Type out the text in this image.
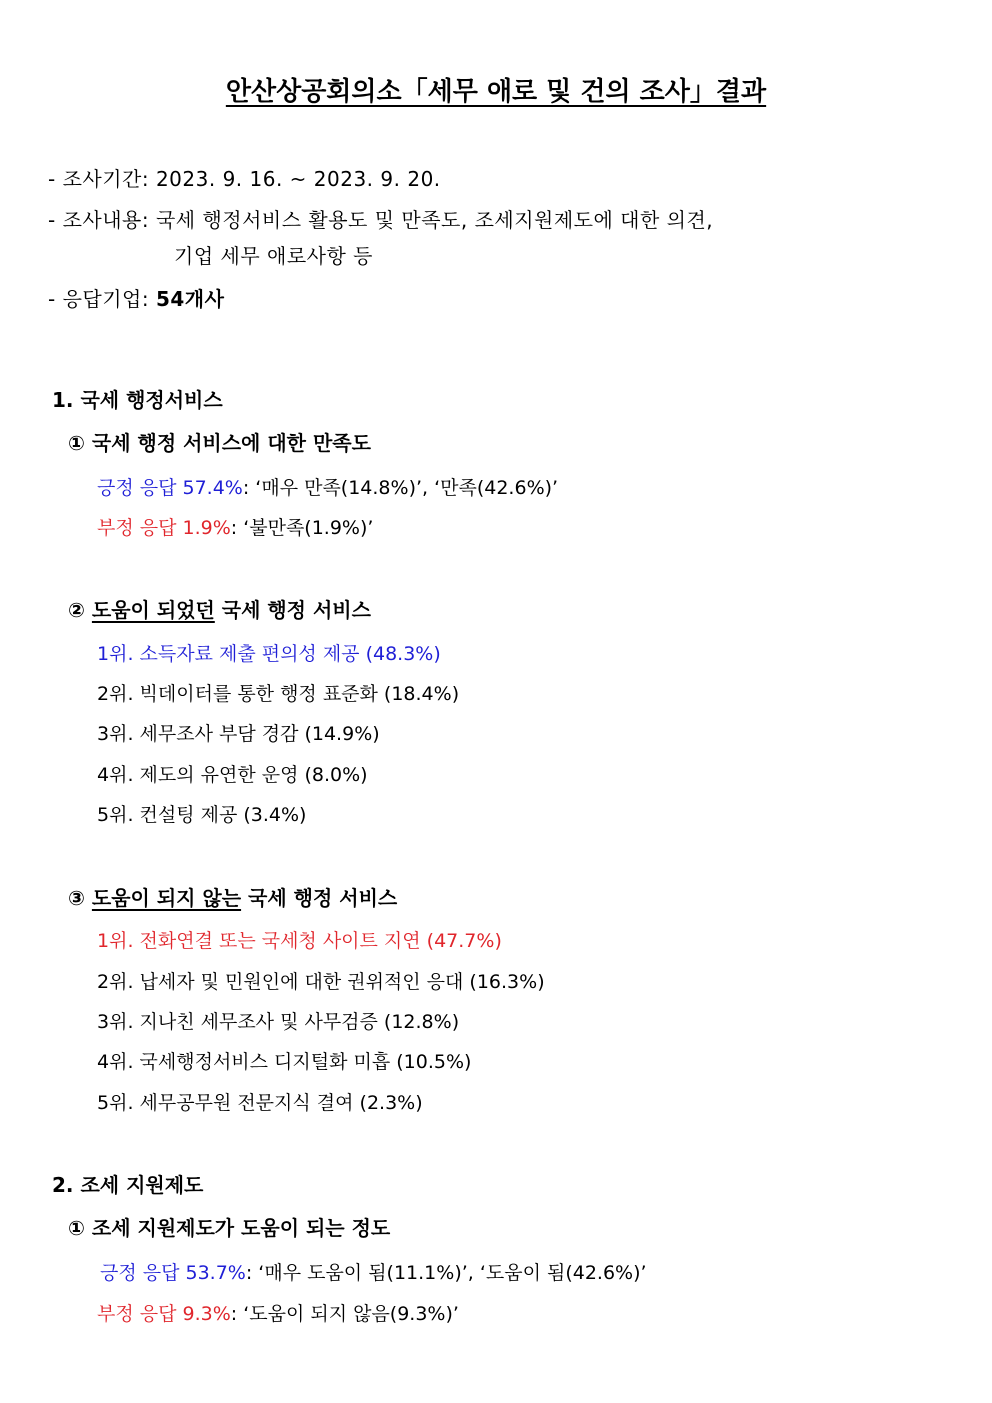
안산상공회의소「세무 애로 및 건의 조사」결과
- 조사기간: 2023. 9. 16. ~ 2023. 9. 20.
- 조사내용: 국세 행정서비스 활용도 및 만족도, 조세지원제도에 대한 의견,
기업 세무 애로사항 등
- 응답기업: 54개사
1. 국세 행정서비스
① 국세 행정 서비스에 대한 만족도
긍정 응답 57.4%: ‘매우 만족(14.8%)’, ‘만족(42.6%)’
부정 응답 1.9%: ‘불만족(1.9%)’
② 도움이 되었던 국세 행정 서비스
1위. 소득자료 제출 편의성 제공 (48.3%)
2위. 빅데이터를 통한 행정 표준화 (18.4%)
3위. 세무조사 부담 경감 (14.9%)
4위. 제도의 유연한 운영 (8.0%)
5위. 컨설팅 제공 (3.4%)
③ 도움이 되지 않는 국세 행정 서비스
1위. 전화연결 또는 국세청 사이트 지연 (47.7%)
2위. 납세자 및 민원인에 대한 권위적인 응대 (16.3%)
3위. 지나친 세무조사 및 사무검증 (12.8%)
4위. 국세행정서비스 디지털화 미흡 (10.5%)
5위. 세무공무원 전문지식 결여 (2.3%)
2. 조세 지원제도
① 조세 지원제도가 도움이 되는 정도
긍정 응답 53.7%: ‘매우 도움이 됨(11.1%)’, ‘도움이 됨(42.6%)’
부정 응답 9.3%: ‘도움이 되지 않음(9.3%)’
